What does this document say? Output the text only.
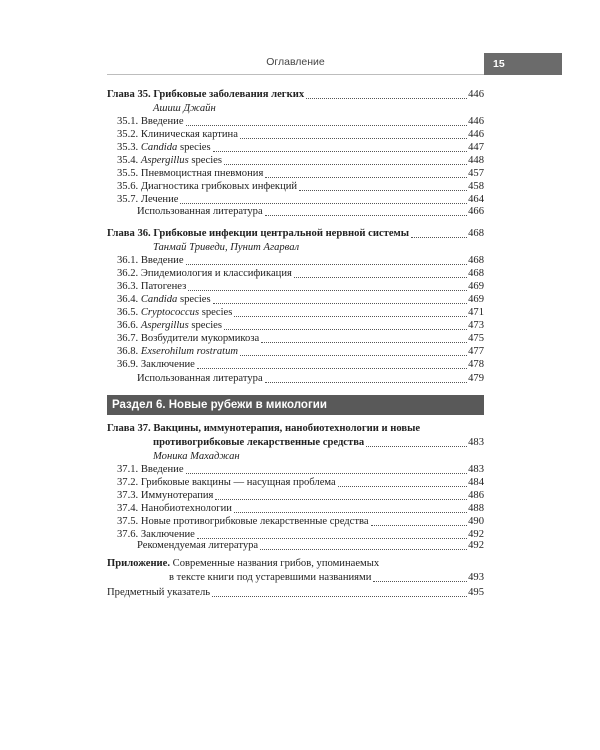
Оглавление	15
Раздел 6. Новые рубежи в микологии
Глава 35. Грибковые заболевания легких	446
Ашиш Джайн
35.1. Введение	446
35.2. Клиническая картина	446
35.3. Candida species	447
35.4. Aspergillus species	448
35.5. Пневмоцистная пневмония	457
35.6. Диагностика грибковых инфекций	458
35.7. Лечение	464
Использованная литература	466
Глава 36. Грибковые инфекции центральной нервной системы	468
Танмай Триведи, Пунит Агарвал
36.1. Введение	468
36.2. Эпидемиология и классификация	468
36.3. Патогенез	469
36.4. Candida species	469
36.5. Cryptococcus species	471
36.6. Aspergillus species	473
36.7. Возбудители мукормикоза	475
36.8. Exserohilum rostratum	477
36.9. Заключение	478
Использованная литература	479
Глава 37. Вакцины, иммунотерапия, нанобиотехнологии и новые
противогрибковые лекарственные средства	483
Моника Махаджан
37.1. Введение	483
37.2. Грибковые вакцины — насущная проблема	484
37.3. Иммунотерапия	486
37.4. Нанобиотехнологии	488
37.5. Новые противогрибковые лекарственные средства	490
37.6. Заключение	492
Рекомендуемая литература	492
Приложение. Современные названия грибов, упоминаемых
в тексте книги под устаревшими названиями	493
Предметный указатель	495
